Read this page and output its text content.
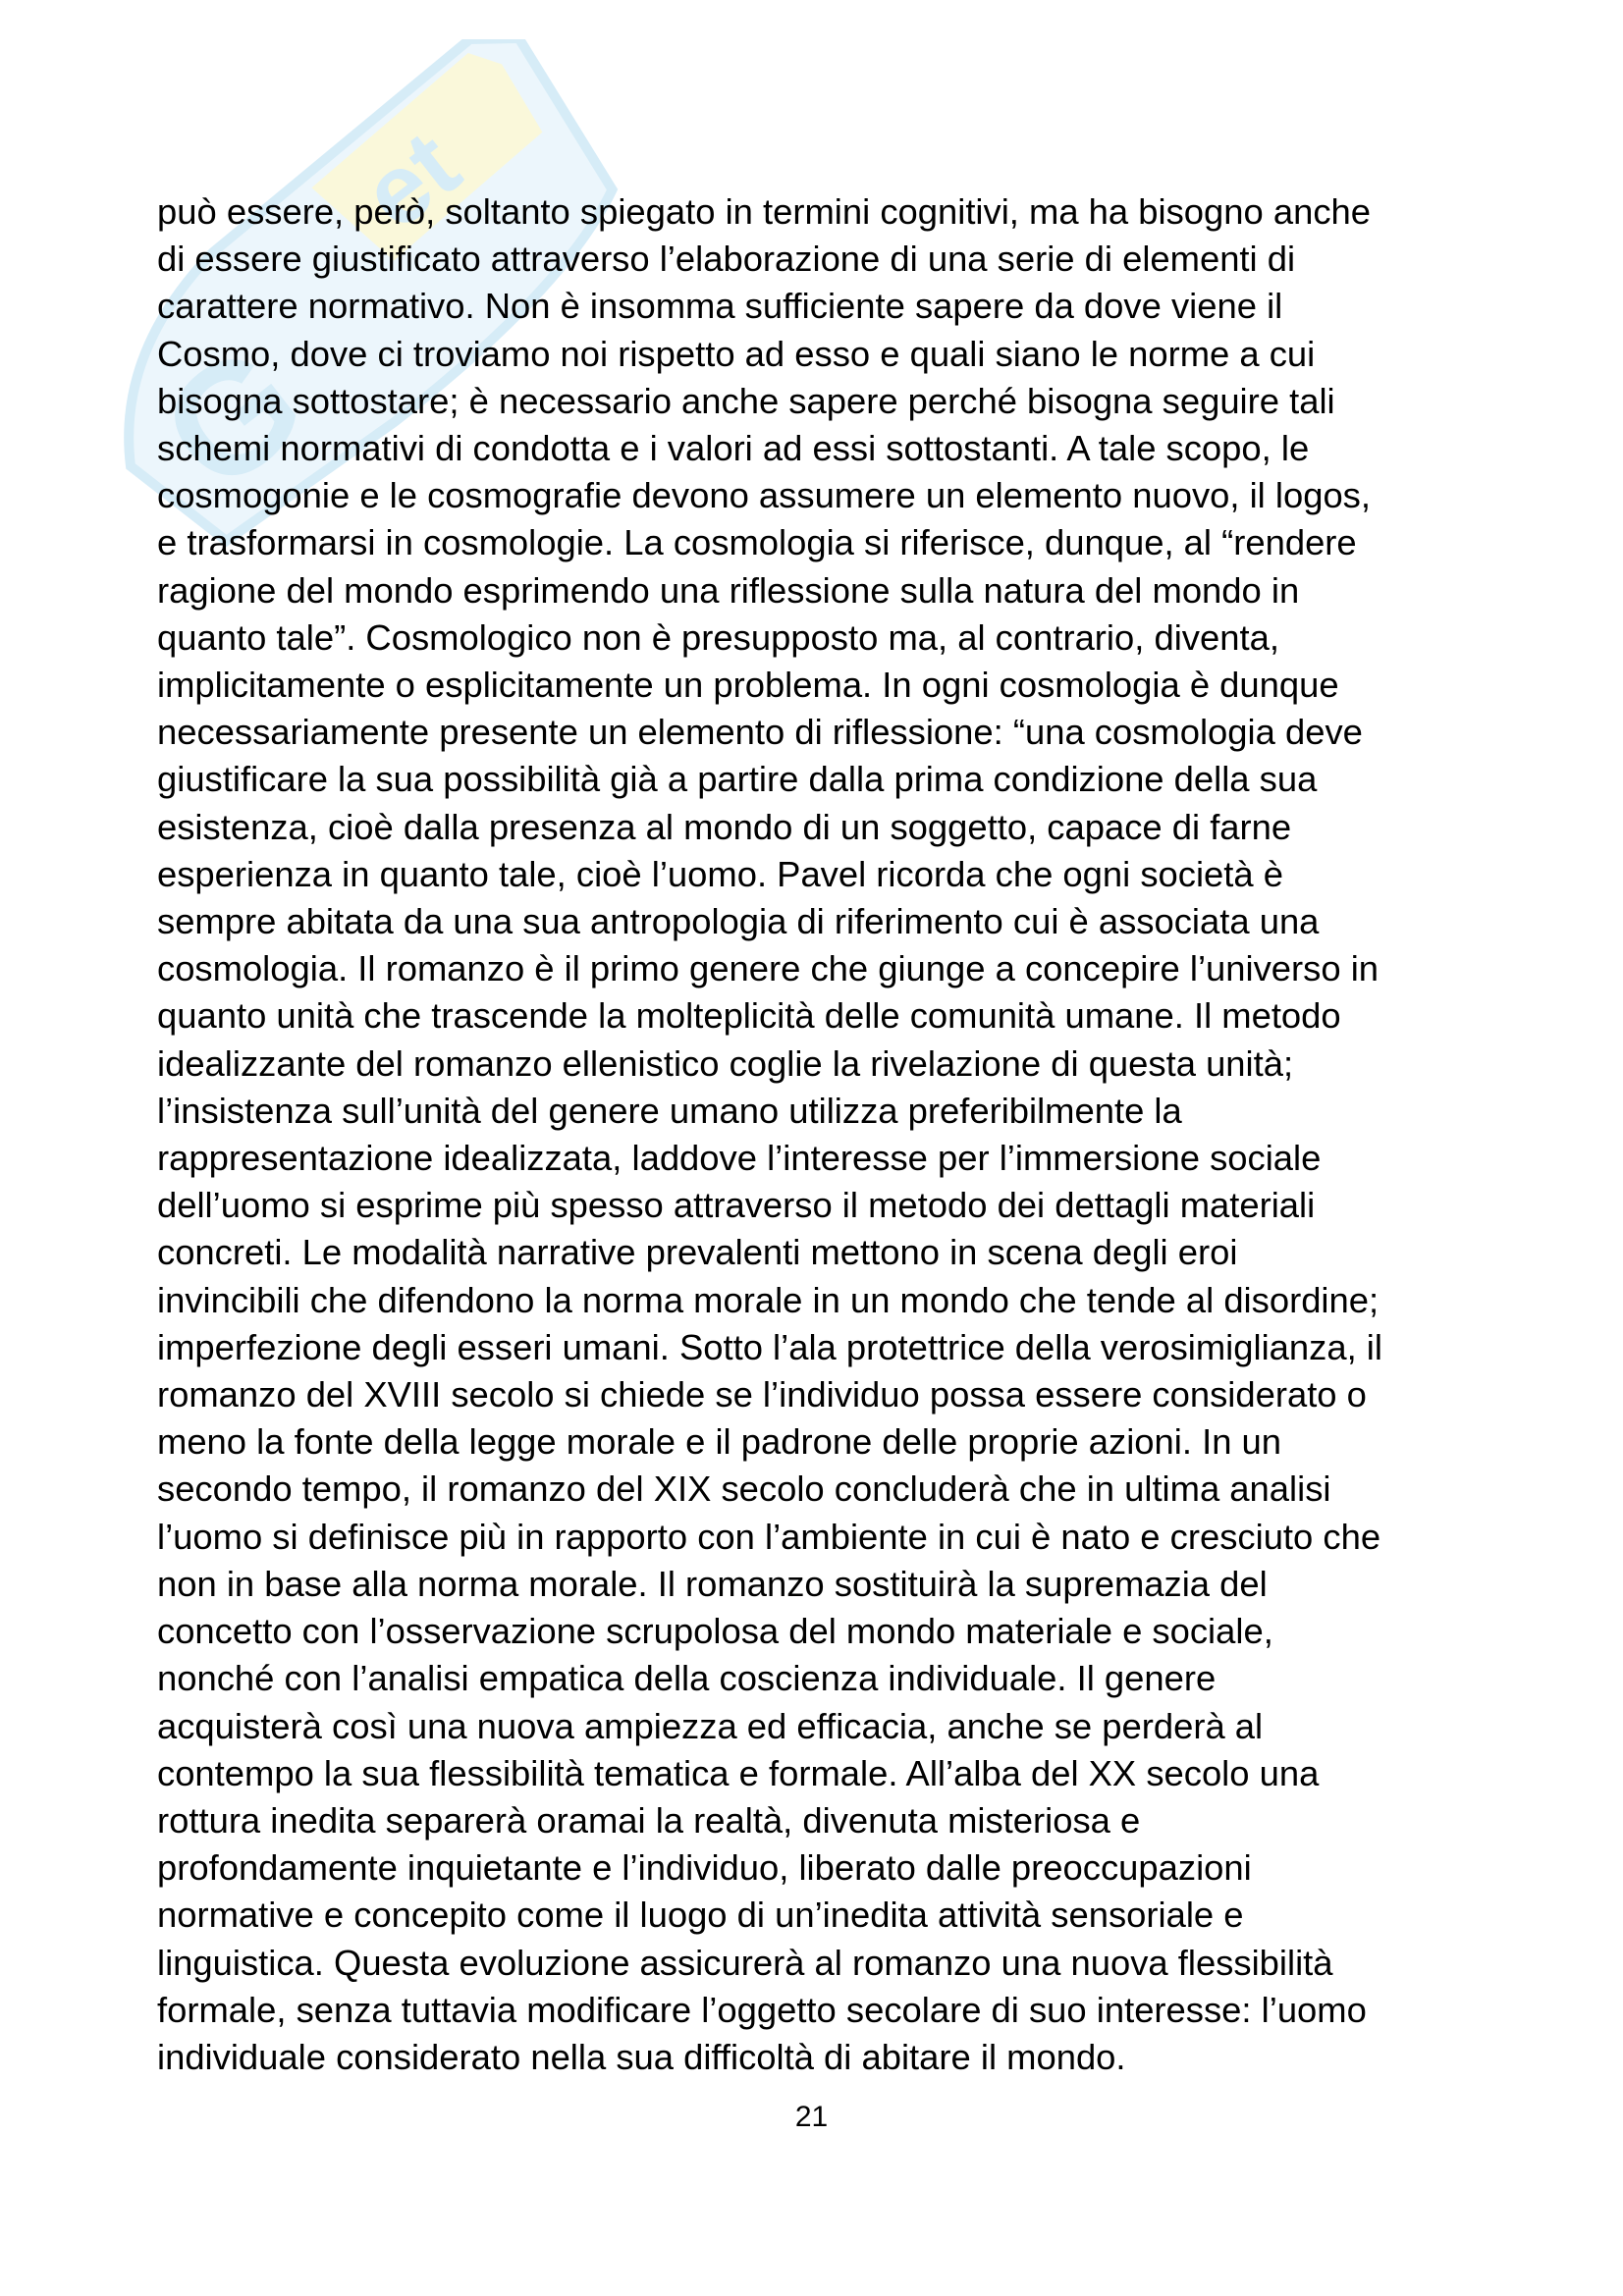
G
et
può essere, però, soltanto spiegato in termini cognitivi, ma ha bisogno anche
di essere giustificato attraverso l’elaborazione di una serie di elementi di
carattere normativo. Non è insomma sufficiente sapere da dove viene il
Cosmo, dove ci troviamo noi rispetto ad esso e quali siano le norme a cui
bisogna sottostare; è necessario anche sapere perché bisogna seguire tali
schemi normativi di condotta e i valori ad essi sottostanti. A tale scopo, le
cosmogonie e le cosmografie devono assumere un elemento nuovo, il logos,
e trasformarsi in cosmologie. La cosmologia si riferisce, dunque, al “rendere
ragione del mondo esprimendo una riflessione sulla natura del mondo in
quanto tale”. Cosmologico non è presupposto ma, al contrario, diventa,
implicitamente o esplicitamente un problema. In ogni cosmologia è dunque
necessariamente presente un elemento di riflessione: “una cosmologia deve
giustificare la sua possibilità già a partire dalla prima condizione della sua
esistenza, cioè dalla presenza al mondo di un soggetto, capace di farne
esperienza in quanto tale, cioè l’uomo. Pavel ricorda che ogni società è
sempre abitata da una sua antropologia di riferimento cui è associata una
cosmologia. Il romanzo è il primo genere che giunge a concepire l’universo in
quanto unità che trascende la molteplicità delle comunità umane. Il metodo
idealizzante del romanzo ellenistico coglie la rivelazione di questa unità;
l’insistenza sull’unità del genere umano utilizza preferibilmente la
rappresentazione idealizzata, laddove l’interesse per l’immersione sociale
dell’uomo si esprime più spesso attraverso il metodo dei dettagli materiali
concreti. Le modalità narrative prevalenti mettono in scena degli eroi
invincibili che difendono la norma morale in un mondo che tende al disordine;
imperfezione degli esseri umani. Sotto l’ala protettrice della verosimiglianza, il
romanzo del XVIII secolo si chiede se l’individuo possa essere considerato o
meno la fonte della legge morale e il padrone delle proprie azioni. In un
secondo tempo, il romanzo del XIX secolo concluderà che in ultima analisi
l’uomo si definisce più in rapporto con l’ambiente in cui è nato e cresciuto che
non in base alla norma morale. Il romanzo sostituirà la supremazia del
concetto con l’osservazione scrupolosa del mondo materiale e sociale,
nonché con l’analisi empatica della coscienza individuale. Il genere
acquisterà così una nuova ampiezza ed efficacia, anche se perderà al
contempo la sua flessibilità tematica e formale. All’alba del XX secolo una
rottura inedita separerà oramai la realtà, divenuta misteriosa e
profondamente inquietante e l’individuo, liberato dalle preoccupazioni
normative e concepito come il luogo di un’inedita attività sensoriale e
linguistica. Questa evoluzione assicurerà al romanzo una nuova flessibilità
formale, senza tuttavia modificare l’oggetto secolare di suo interesse: l’uomo
individuale considerato nella sua difficoltà di abitare il mondo.
21
